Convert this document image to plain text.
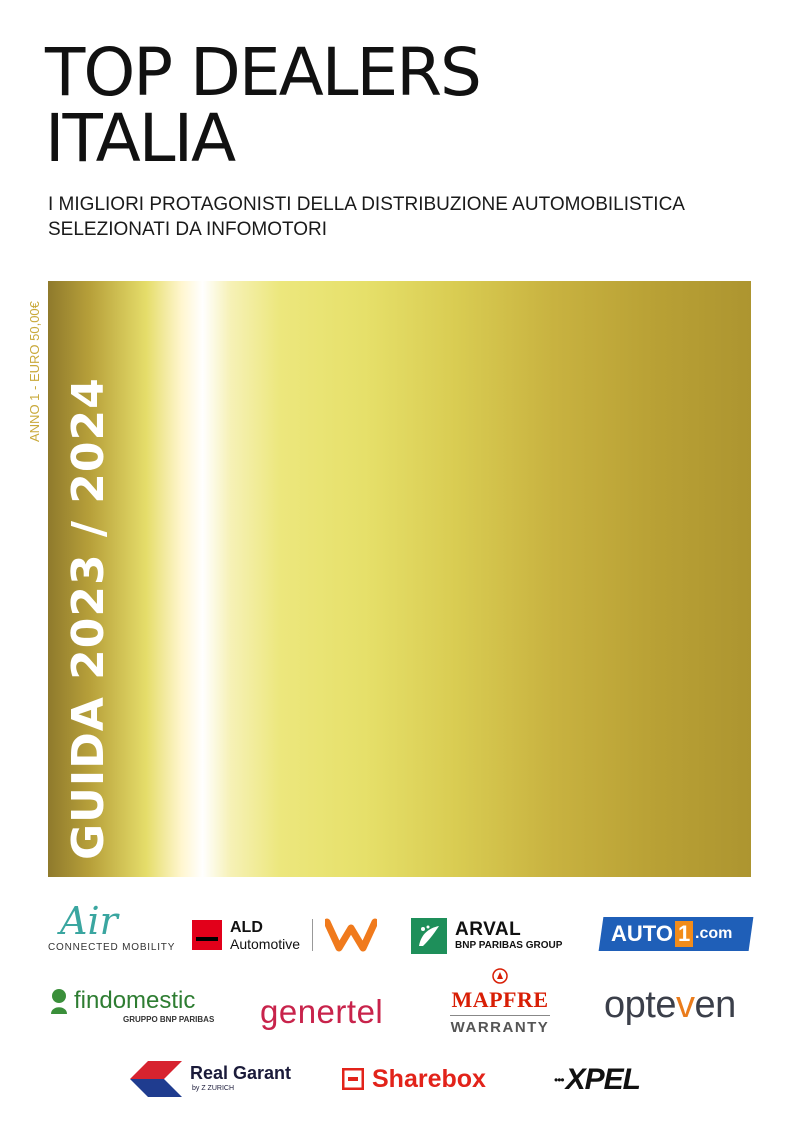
TOP DEALERS
ITALIA
I MIGLIORI PROTAGONISTI DELLA DISTRIBUZIONE AUTOMOBILISTICA
SELEZIONATI DA INFOMOTORI
ANNO 1 - EURO 50,00€
GUIDA 2023 / 2024
Air
CONNECTED MOBILITY
ALD
Automotive
ARVAL
BNP PARIBAS GROUP AUTO 1 .com
findomestic
GRUPPO BNP PARIBAS genertel	MAPFRE
WARRANTY
opteven
Real Garant
by Z ZURICH	Sharebox	••• XPEL
